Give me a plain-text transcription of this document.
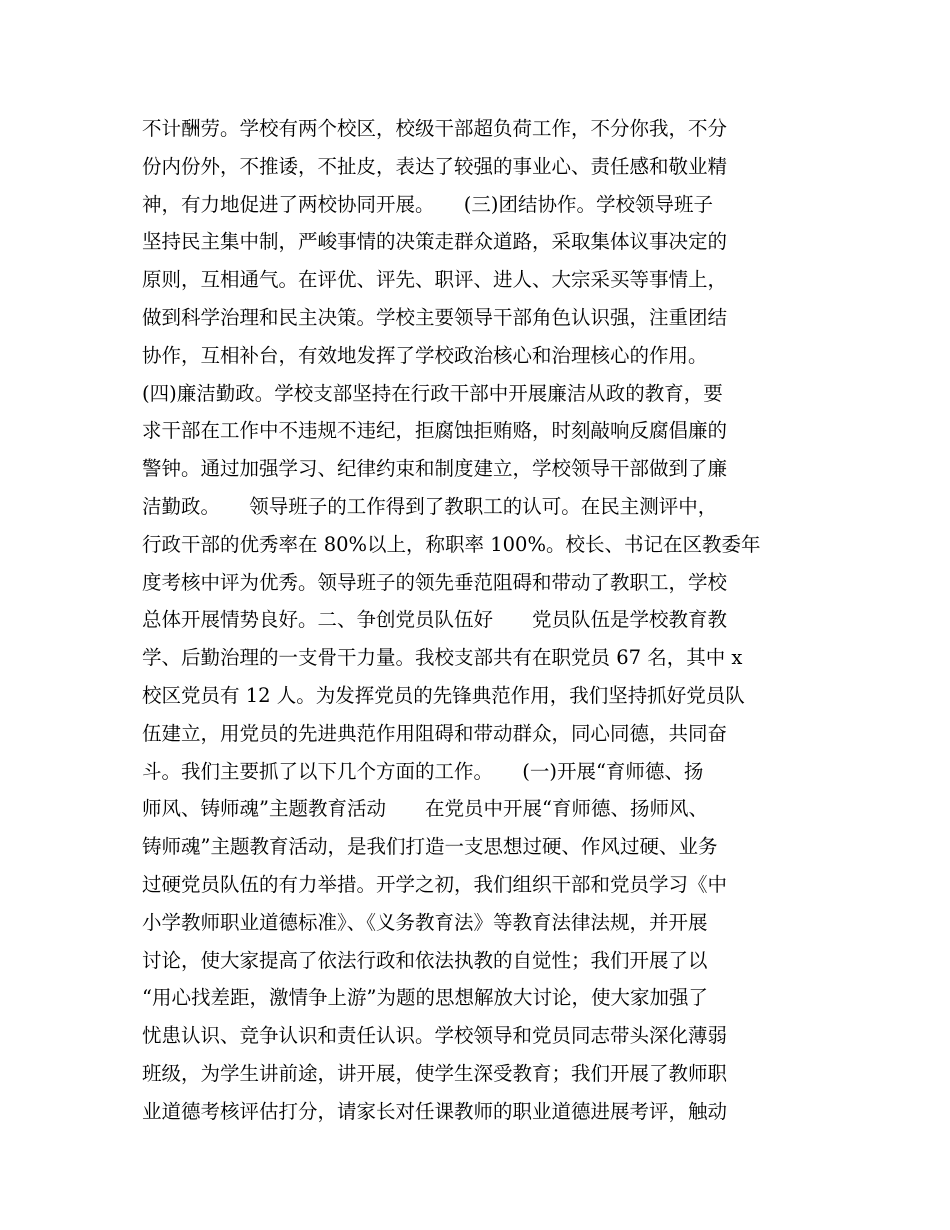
不计酬劳。学校有两个校区，校级干部超负荷工作，不分你我，不分
份内份外，不推诿，不扯皮，表达了较强的事业心、责任感和敬业精
神，有力地促进了两校协同开展。　　(三)团结协作。学校领导班子
坚持民主集中制，严峻事情的决策走群众道路，采取集体议事决定的
原则，互相通气。在评优、评先、职评、进人、大宗采买等事情上，
做到科学治理和民主决策。学校主要领导干部角色认识强，注重团结
协作，互相补台，有效地发挥了学校政治核心和治理核心的作用。
(四)廉洁勤政。学校支部坚持在行政干部中开展廉洁从政的教育，要
求干部在工作中不违规不违纪，拒腐蚀拒贿赂，时刻敲响反腐倡廉的
警钟。通过加强学习、纪律约束和制度建立，学校领导干部做到了廉
洁勤政。　　领导班子的工作得到了教职工的认可。在民主测评中，
行政干部的优秀率在 80%以上，称职率 100%。校长、书记在区教委年
度考核中评为优秀。领导班子的领先垂范阻碍和带动了教职工，学校
总体开展情势良好。二、争创党员队伍好　　党员队伍是学校教育教
学、后勤治理的一支骨干力量。我校支部共有在职党员 67 名，其中 x
校区党员有 12 人。为发挥党员的先锋典范作用，我们坚持抓好党员队
伍建立，用党员的先进典范作用阻碍和带动群众，同心同德，共同奋
斗。我们主要抓了以下几个方面的工作。　　(一)开展“育师德、扬
师风、铸师魂”主题教育活动　　在党员中开展“育师德、扬师风、
铸师魂”主题教育活动，是我们打造一支思想过硬、作风过硬、业务
过硬党员队伍的有力举措。开学之初，我们组织干部和党员学习《中
小学教师职业道德标准》、《义务教育法》等教育法律法规，并开展
讨论，使大家提高了依法行政和依法执教的自觉性；我们开展了以
“用心找差距，激情争上游”为题的思想解放大讨论，使大家加强了
忧患认识、竞争认识和责任认识。学校领导和党员同志带头深化薄弱
班级，为学生讲前途，讲开展，使学生深受教育；我们开展了教师职
业道德考核评估打分，请家长对任课教师的职业道德进展考评，触动
